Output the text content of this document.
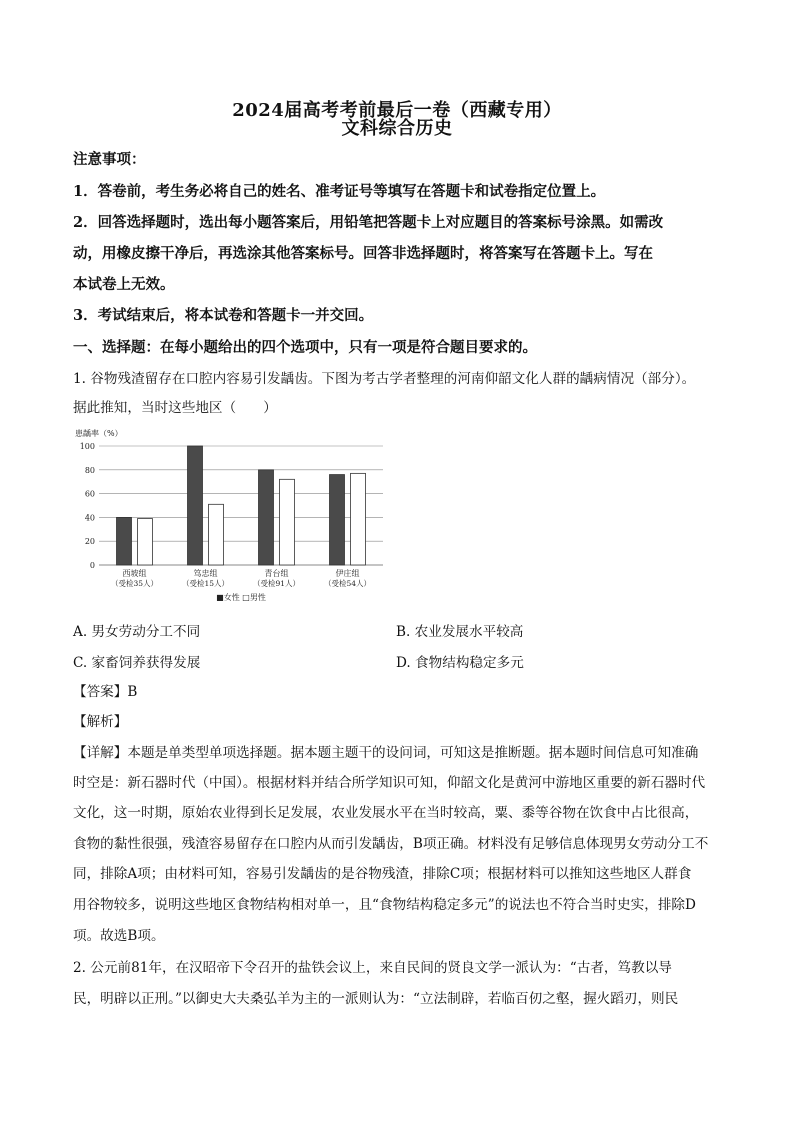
2024届高考考前最后一卷（西藏专用）
文科综合历史
注意事项：
1．答卷前，考生务必将自己的姓名、准考证号等填写在答题卡和试卷指定位置上。
2．回答选择题时，选出每小题答案后，用铅笔把答题卡上对应题目的答案标号涂黑。如需改
动，用橡皮擦干净后，再选涂其他答案标号。回答非选择题时，将答案写在答题卡上。写在
本试卷上无效。
3．考试结束后，将本试卷和答题卡一并交回。
一、选择题：在每小题给出的四个选项中，只有一项是符合题目要求的。
1. 谷物残渣留存在口腔内容易引发龋齿。下图为考古学者整理的河南仰韶文化人群的龋病情况（部分）。
据此推知，当时这些地区（　　）
患龋率（%）
0
20
40
60
80
100
西坡组
（受检35人）
笃忠组
（受检15人）
青台组
（受检91人）
伊庄组
（受检54人）
■女性 □男性
A. 男女劳动分工不同	B. 农业发展水平较高
C. 家畜饲养获得发展	D. 食物结构稳定多元
【答案】B
【解析】
【详解】本题是单类型单项选择题。据本题主题干的设问词，可知这是推断题。据本题时间信息可知准确
时空是：新石器时代（中国）。根据材料并结合所学知识可知，仰韶文化是黄河中游地区重要的新石器时代
文化，这一时期，原始农业得到长足发展，农业发展水平在当时较高，粟、黍等谷物在饮食中占比很高，
食物的黏性很强，残渣容易留存在口腔内从而引发龋齿，B项正确。材料没有足够信息体现男女劳动分工不
同，排除A项；由材料可知，容易引发龋齿的是谷物残渣，排除C项；根据材料可以推知这些地区人群食
用谷物较多，说明这些地区食物结构相对单一，且“食物结构稳定多元”的说法也不符合当时史实，排除D
项。故选B项。
2. 公元前81年，在汉昭帝下令召开的盐铁会议上，来自民间的贤良文学一派认为：“古者，笃教以导
民，明辟以正刑。”以御史大夫桑弘羊为主的一派则认为：“立法制辟，若临百仞之壑，握火蹈刃，则民
